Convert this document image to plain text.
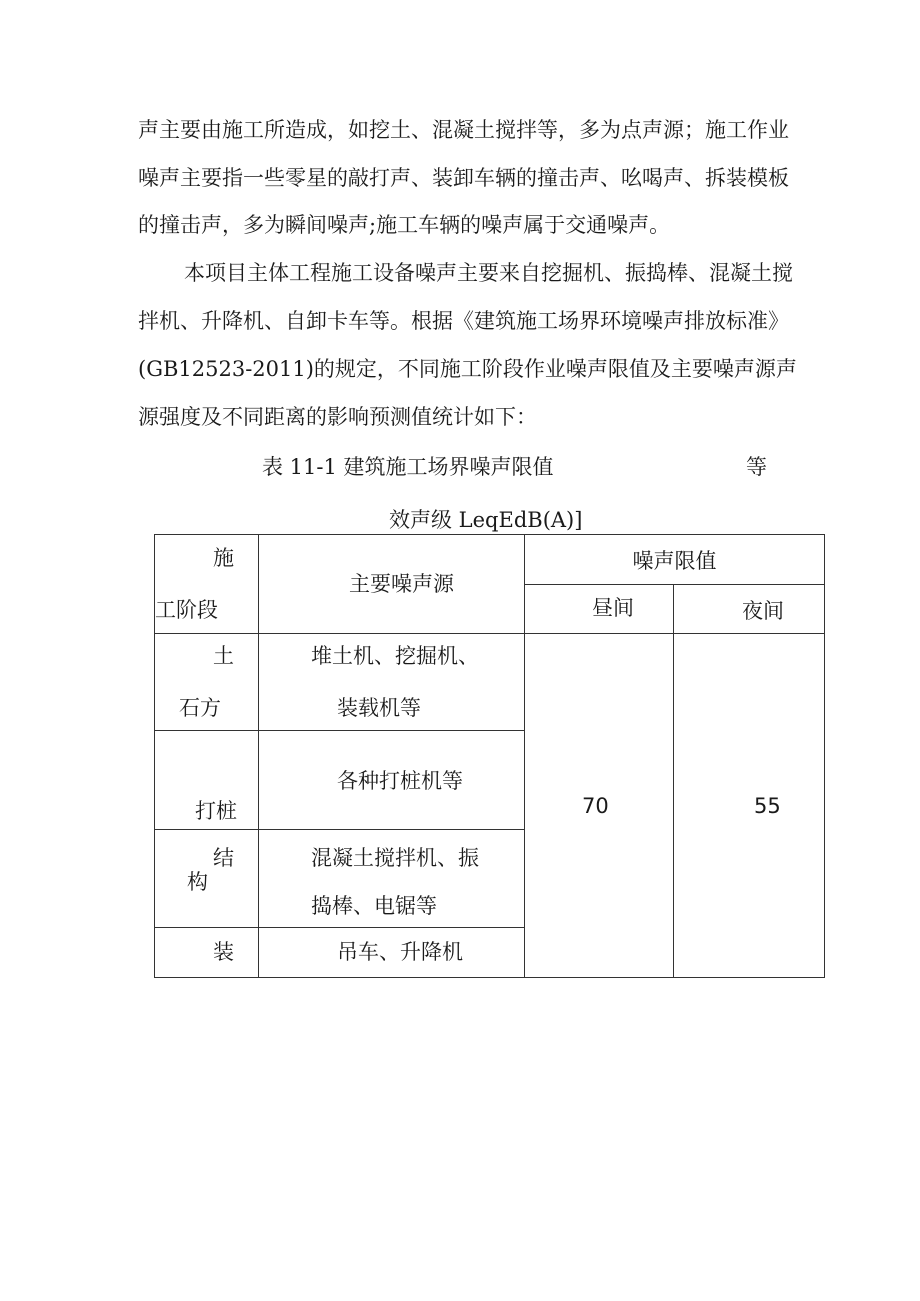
声主要由施工所造成，如挖土、混凝土搅拌等，多为点声源；施工作业

噪声主要指一些零星的敲打声、装卸车辆的撞击声、吆喝声、拆装模板

的撞击声，多为瞬间噪声;施工车辆的噪声属于交通噪声。

本项目主体工程施工设备噪声主要来自挖掘机、振捣棒、混凝土搅

拌机、升降机、自卸卡车等。根据《建筑施工场界环境噪声排放标准》

(GB12523-2011)的规定，不同施工阶段作业噪声限值及主要噪声源声

源强度及不同距离的影响预测值统计如下：

表 11-1 建筑施工场界噪声限值	等

效声级 LeqEdB(A)]

施
工阶段	主要噪声源	噪声限值	

		昼间	夜间

土
石方	堆土机、挖掘机、
装载机等	70	55

打桩	各种打桩机等		

结
构	混凝土搅拌机、振
捣棒、电锯等		

装	吊车、升降机		
